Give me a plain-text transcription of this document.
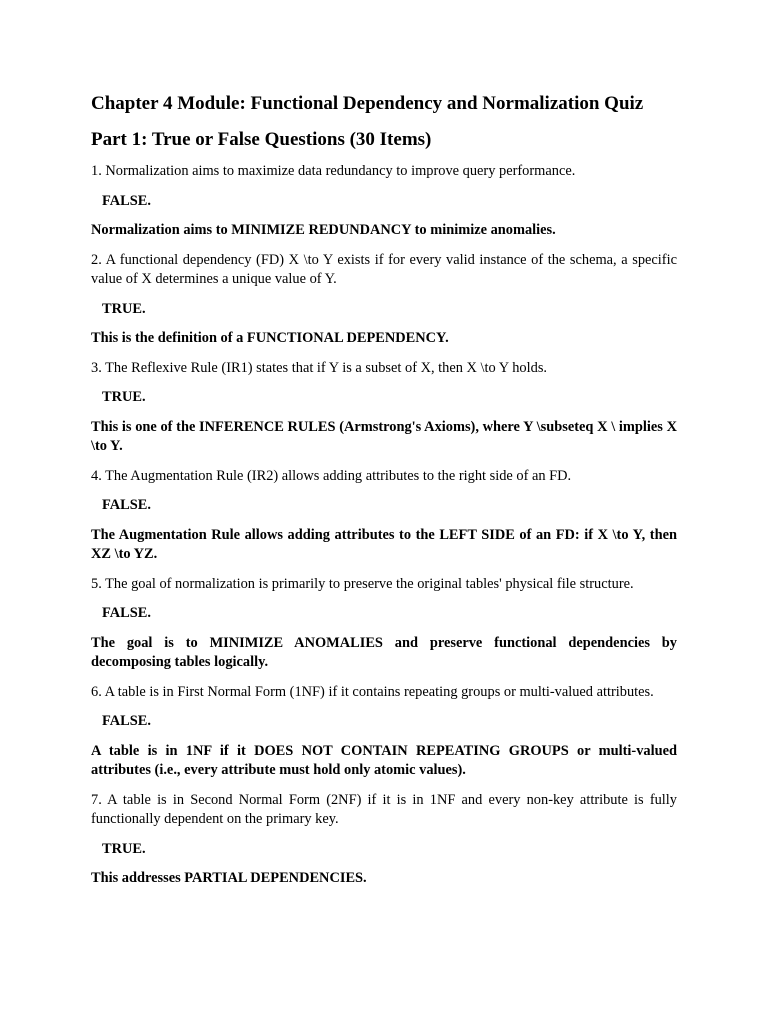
Chapter 4 Module: Functional Dependency and Normalization Quiz
Part 1: True or False Questions (30 Items)

1. Normalization aims to maximize data redundancy to improve query performance.

FALSE.

Normalization aims to MINIMIZE REDUNDANCY to minimize anomalies.

2. A functional dependency (FD) X \to Y exists if for every valid instance of the schema, a specific value of X determines a unique value of Y.

TRUE.

This is the definition of a FUNCTIONAL DEPENDENCY.

3. The Reflexive Rule (IR1) states that if Y is a subset of X, then X \to Y holds.

TRUE.

This is one of the INFERENCE RULES (Armstrong's Axioms), where Y \subseteq X \ implies X \to Y.

4. The Augmentation Rule (IR2) allows adding attributes to the right side of an FD.

FALSE.

The Augmentation Rule allows adding attributes to the LEFT SIDE of an FD: if X \to Y, then XZ \to YZ.

5. The goal of normalization is primarily to preserve the original tables' physical file structure.

FALSE.

The goal is to MINIMIZE ANOMALIES and preserve functional dependencies by decomposing tables logically.

6. A table is in First Normal Form (1NF) if it contains repeating groups or multi-valued attributes.

FALSE.

A table is in 1NF if it DOES NOT CONTAIN REPEATING GROUPS or multi-valued attributes (i.e., every attribute must hold only atomic values).

7. A table is in Second Normal Form (2NF) if it is in 1NF and every non-key attribute is fully functionally dependent on the primary key.

TRUE.

This addresses PARTIAL DEPENDENCIES.
